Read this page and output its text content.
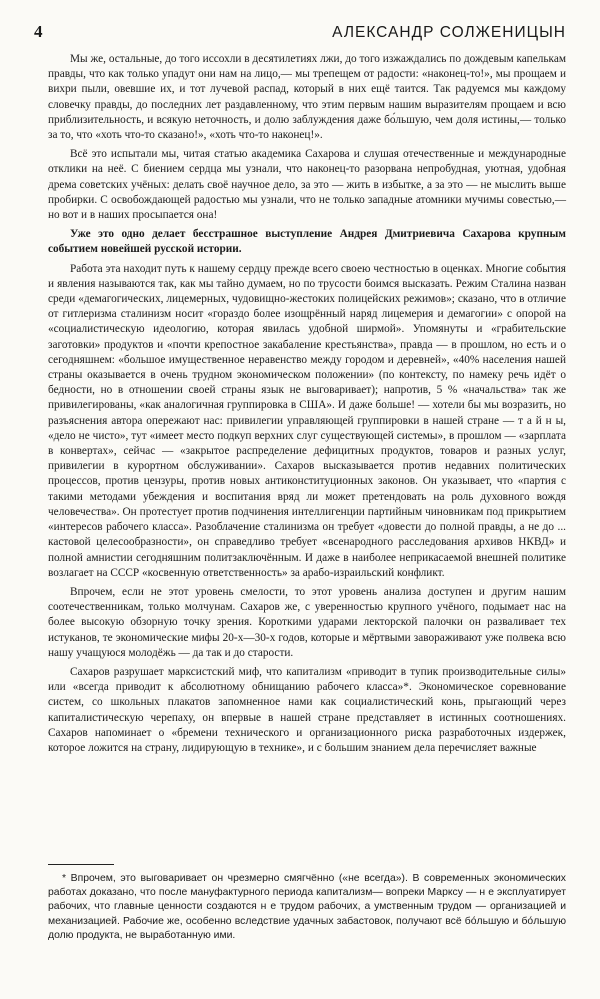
4	АЛЕКСАНДР СОЛЖЕНИЦЫН

Мы же, остальные, до того иссохли в десятилетиях лжи, до того изжаждались по дождевым капелькам правды, что как только упадут они нам на лицо,— мы трепещем от радости: «наконец-то!», мы прощаем и вихри пыли, овевшие их, и тот лучевой распад, который в них ещё таится. Так радуемся мы каждому словечку правды, до последних лет раздавленному, что этим первым нашим выразителям прощаем и всю приблизительность, и всякую неточность, и долю заблуждения даже бо́льшую, чем доля истины,— только за то, что «хоть что-то сказано!», «хоть что-то наконец!».

Всё это испытали мы, читая статью академика Сахарова и слушая отечественные и международные отклики на неё. С биением сердца мы узнали, что наконец-то разорвана непробудная, уютная, удобная дрема советских учёных: делать своё научное дело, за это — жить в избытке, а за это — не мыслить выше пробирки. С освобождающей радостью мы узнали, что не только западные атомники мучимы совестью,— но вот и в наших просыпается она!

Уже это одно делает бесстрашное выступление Андрея Дмитриевича Сахарова крупным событием новейшей русской истории.

Работа эта находит путь к нашему сердцу прежде всего своею честностью в оценках. Многие события и явления называются так, как мы тайно думаем, но по трусости боимся высказать. Режим Сталина назван среди «демагогических, лицемерных, чудовищно-жестоких полицейских режимов»; сказано, что в отличие от гитлеризма сталинизм носит «гораздо более изощрённый наряд лицемерия и демагогии» с опорой на «социалистическую идеологию, которая явилась удобной ширмой». Упомянуты и «грабительские заготовки» продуктов и «почти крепостное закабаление крестьянства», правда — в прошлом, но есть и о сегодняшнем: «большое имущественное неравенство между городом и деревней», «40% населения нашей страны оказывается в очень трудном экономическом положении» (по контексту, по намеку речь идёт о бедности, но в отношении своей страны язык не выговаривает); напротив, 5 % «начальства» так же привилегированы, «как аналогичная группировка в США». И даже больше! — хотели бы мы возразить, но разъяснения автора опережают нас: привилегии управляющей группировки в нашей стране — т а й н ы, «дело не чисто», тут «имеет место подкуп верхних слуг существующей системы», в прошлом — «зарплата в конвертах», сейчас — «закрытое распределение дефицитных продуктов, товаров и разных услуг, привилегии в курортном обслуживании». Сахаров высказывается против недавних политических процессов, против цензуры, против новых антиконституционных законов. Он указывает, что «партия с такими методами убеждения и воспитания вряд ли может претендовать на роль духовного вождя человечества». Он протестует против подчинения интеллигенции партийным чиновникам под прикрытием «интересов рабочего класса». Разоблачение сталинизма он требует «довести до полной правды, а не до ... кастовой целесообразности», он справедливо требует «всенародного расследования архивов НКВД» и полной амнистии сегодняшним политзаключённым. И даже в наиболее неприкасаемой внешней политике возлагает на СССР «косвенную ответственность» за арабо-израильский конфликт.

Впрочем, если не этот уровень смелости, то этот уровень анализа доступен и другим нашим соотечественникам, только молчунам. Сахаров же, с уверенностью крупного учёного, подымает нас на более высокую обзорную точку зрения. Короткими ударами лекторской палочки он разваливает тех истуканов, те экономические мифы 20-х—30-х годов, которые и мёртвыми завораживают уже полвека всю нашу учащуюся молодёжь — да так и до старости.

Сахаров разрушает марксистский миф, что капитализм «приводит в тупик производительные силы» или «всегда приводит к абсолютному обнищанию рабочего класса»*. Экономическое соревнование систем, со школьных плакатов запомненное нами как социалистический конь, прыгающий через капиталистическую черепаху, он впервые в нашей стране представляет в истинных соотношениях. Сахаров напоминает о «бремени технического и организационного риска разработочных издержек, которое ложится на страну, лидирующую в технике», и с большим знанием дела перечисляет важные

* Впрочем, это выговаривает он чрезмерно смягчённо («не всегда»). В современных экономических работах доказано, что после мануфактурного периода капитализм— вопреки Марксу — н е эксплуатирует рабочих, что главные ценности создаются н е трудом рабочих, а умственным трудом — организацией и механизацией. Рабочие же, особенно вследствие удачных забастовок, получают всё бо́льшую и бо́льшую долю продукта, не выработанную ими.
